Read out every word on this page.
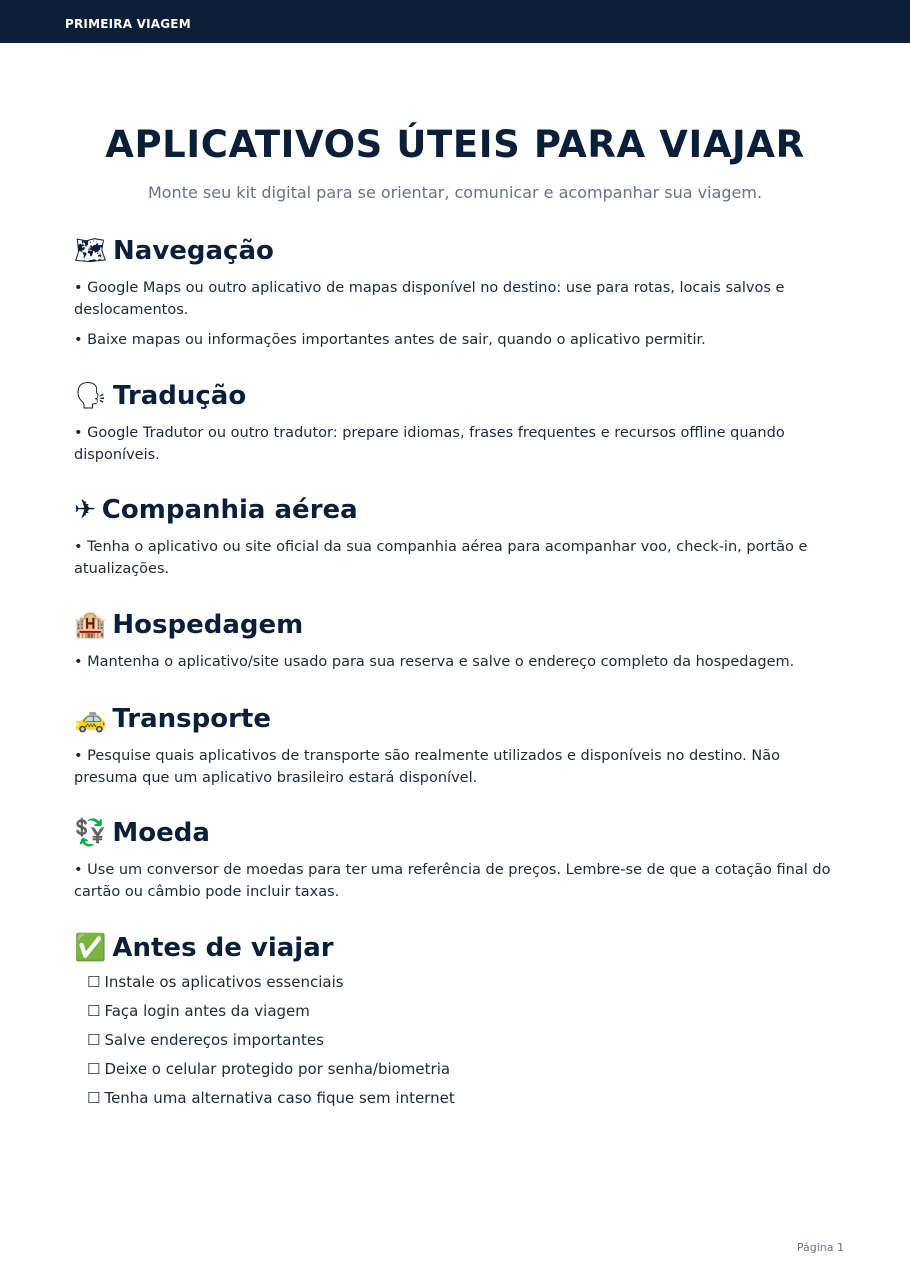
PRIMEIRA VIAGEM
APLICATIVOS ÚTEIS PARA VIAJAR
Monte seu kit digital para se orientar, comunicar e acompanhar sua viagem.
🗺 Navegação

• Google Maps ou outro aplicativo de mapas disponível no destino: use para rotas, locais salvos e deslocamentos.

• Baixe mapas ou informações importantes antes de sair, quando o aplicativo permitir.

🗣 Tradução

• Google Tradutor ou outro tradutor: prepare idiomas, frases frequentes e recursos offline quando disponíveis.

✈ Companhia aérea

• Tenha o aplicativo ou site oficial da sua companhia aérea para acompanhar voo, check-in, portão e atualizações.

🏨 Hospedagem

• Mantenha o aplicativo/site usado para sua reserva e salve o endereço completo da hospedagem.

🚕 Transporte

• Pesquise quais aplicativos de transporte são realmente utilizados e disponíveis no destino. Não presuma que um aplicativo brasileiro estará disponível.

💱 Moeda

• Use um conversor de moedas para ter uma referência de preços. Lembre-se de que a cotação final do cartão ou câmbio pode incluir taxas.

✅ Antes de viajar
☐ Instale os aplicativos essenciais
☐ Faça login antes da viagem
☐ Salve endereços importantes
☐ Deixe o celular protegido por senha/biometria
☐ Tenha uma alternativa caso fique sem internet
Página 1
